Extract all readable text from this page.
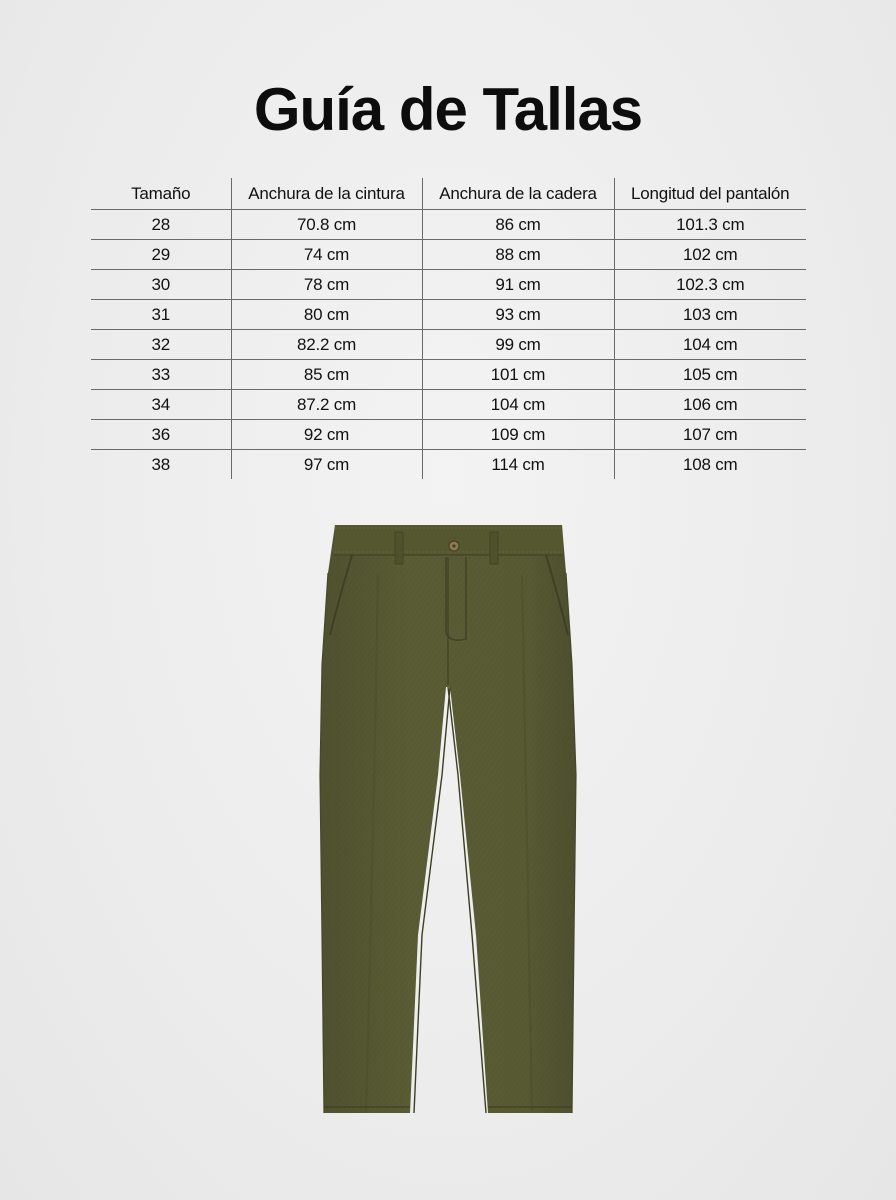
Guía de Tallas
Tamaño	Anchura de la cintura	Anchura de la cadera	Longitud del pantalón
28	70.8 cm	86 cm	101.3 cm
29	74 cm	88 cm	102 cm
30	78 cm	91 cm	102.3 cm
31	80 cm	93 cm	103 cm
32	82.2 cm	99 cm	104 cm
33	85 cm	101 cm	105 cm
34	87.2 cm	104 cm	106 cm
36	92 cm	109 cm	107 cm
38	97 cm	114 cm	108 cm
